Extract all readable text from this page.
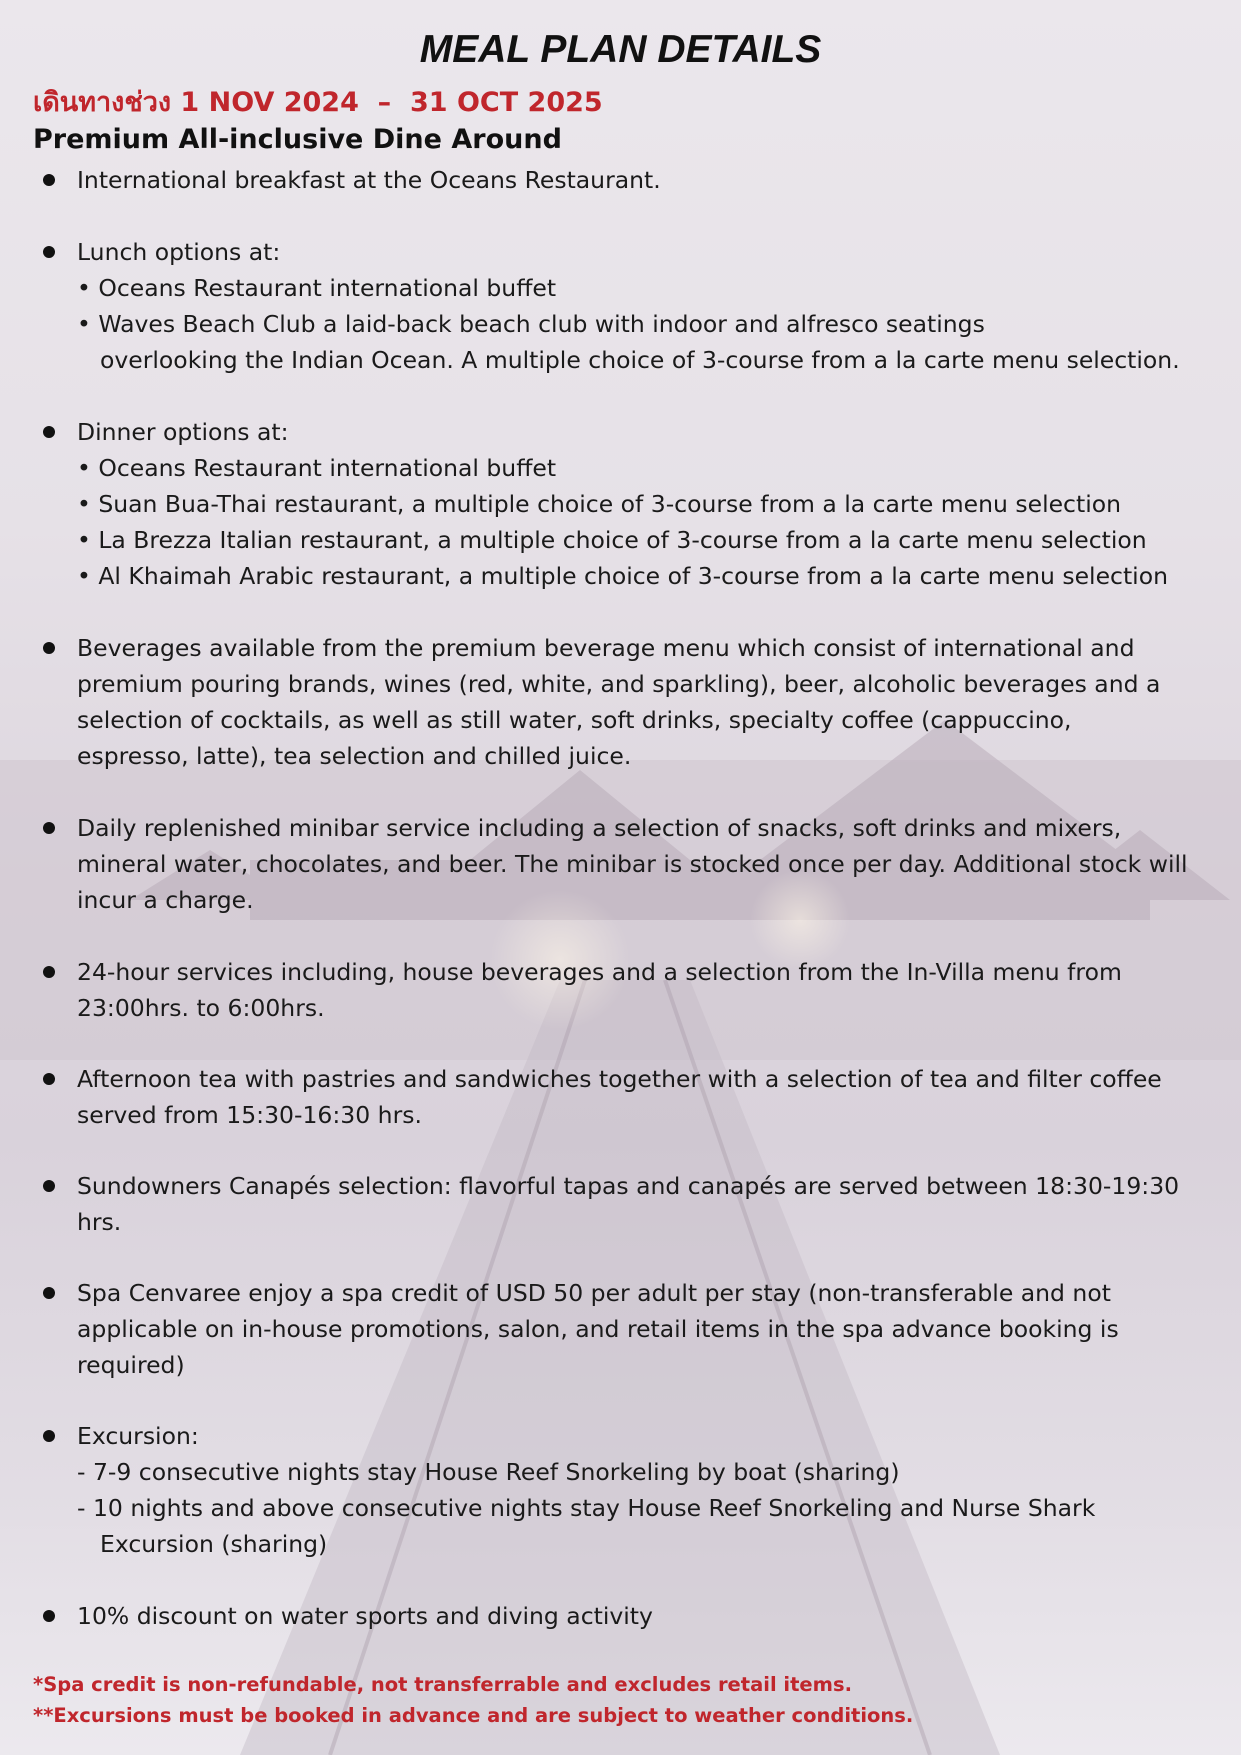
MEAL PLAN DETAILS
เดินทางช่วง 1 NOV 2024  –  31 OCT 2025
Premium All-inclusive Dine Around
International breakfast at the Oceans Restaurant.
Lunch options at:
• Oceans Restaurant international buffet
• Waves Beach Club a laid-back beach club with indoor and alfresco seatings
overlooking the Indian Ocean. A multiple choice of 3-course from a la carte menu selection.
Dinner options at:
• Oceans Restaurant international buffet
• Suan Bua-Thai restaurant, a multiple choice of 3-course from a la carte menu selection
• La Brezza Italian restaurant, a multiple choice of 3-course from a la carte menu selection
• Al Khaimah Arabic restaurant, a multiple choice of 3-course from a la carte menu selection
Beverages available from the premium beverage menu which consist of international and
premium pouring brands, wines (red, white, and sparkling), beer, alcoholic beverages and a
selection of cocktails, as well as still water, soft drinks, specialty coffee (cappuccino,
espresso, latte), tea selection and chilled juice.
Daily replenished minibar service including a selection of snacks, soft drinks and mixers,
mineral water, chocolates, and beer. The minibar is stocked once per day. Additional stock will
incur a charge.
24-hour services including, house beverages and a selection from the In-Villa menu from
23:00hrs. to 6:00hrs.
Afternoon tea with pastries and sandwiches together with a selection of tea and filter coffee
served from 15:30-16:30 hrs.
Sundowners Canapés selection: flavorful tapas and canapés are served between 18:30-19:30
hrs.
Spa Cenvaree enjoy a spa credit of USD 50 per adult per stay (non-transferable and not
applicable on in-house promotions, salon, and retail items in the spa advance booking is
required)
Excursion:
- 7-9 consecutive nights stay House Reef Snorkeling by boat (sharing)
- 10 nights and above consecutive nights stay House Reef Snorkeling and Nurse Shark
Excursion (sharing)
10% discount on water sports and diving activity
*Spa credit is non-refundable, not transferrable and excludes retail items.
**Excursions must be booked in advance and are subject to weather conditions.
